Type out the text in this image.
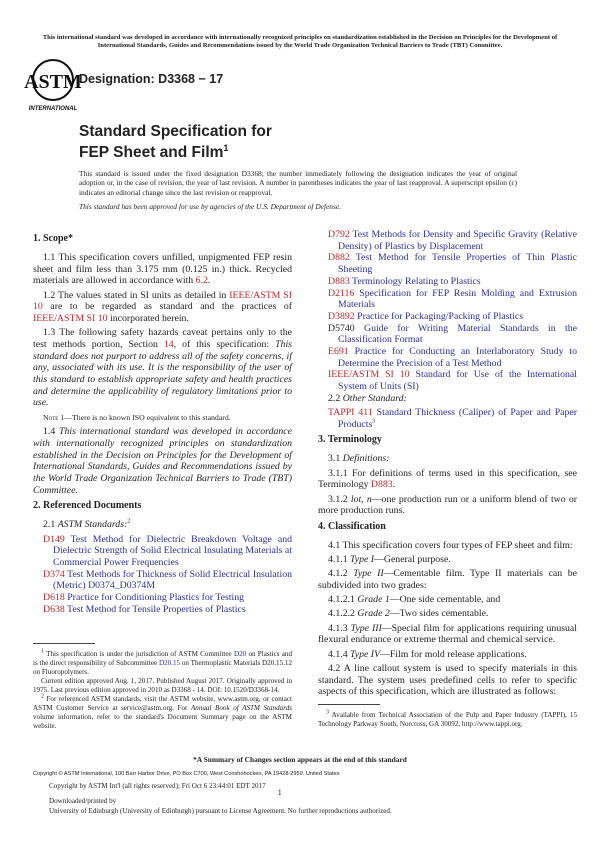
This international standard was developed in accordance with internationally recognized principles on standardization established in the Decision on Principles for the Development of International Standards, Guides and Recommendations issued by the World Trade Organization Technical Barriers to Trade (TBT) Committee.
ASTM
INTERNATIONAL
Designation: D3368 − 17
Standard Specification for
FEP Sheet and Film$^1$

This standard is issued under the fixed designation D3368; the number immediately following the designation indicates the year of original adoption or, in the case of revision, the year of last revision. A number in parentheses indicates the year of last reapproval. A superscript epsilon (ε) indicates an editorial change since the last revision or reapproval.

This standard has been approved for use by agencies of the U.S. Department of Defense.

1. Scope*

1.1 This specification covers unfilled, unpigmented FEP resin sheet and film less than 3.175 mm (0.125 in.) thick. Recycled materials are allowed in accordance with 6.2.

1.2 The values stated in SI units as detailed in IEEE/ASTM SI 10 are to be regarded as standard and the practices of IEEE/ASTM SI 10 incorporated herein.

1.3 The following safety hazards caveat pertains only to the test methods portion, Section 14, of this specification: This standard does not purport to address all of the safety concerns, if any, associated with its use. It is the responsibility of the user of this standard to establish appropriate safety and health practices and determine the applicability of regulatory limitations prior to use.

Note 1—There is no known ISO equivalent to this standard.

1.4 This international standard was developed in accordance with internationally recognized principles on standardization established in the Decision on Principles for the Development of International Standards, Guides and Recommendations issued by the World Trade Organization Technical Barriers to Trade (TBT) Committee.

2. Referenced Documents

2.1 ASTM Standards:$^2$

D149 Test Method for Dielectric Breakdown Voltage and Dielectric Strength of Solid Electrical Insulating Materials at Commercial Power Frequencies

D374 Test Methods for Thickness of Solid Electrical Insulation (Metric) D0374_D0374M

D618 Practice for Conditioning Plastics for Testing

D638 Test Method for Tensile Properties of Plastics

$^1$ This specification is under the jurisdiction of ASTM Committee D20 on Plastics and is the direct responsibility of Subcommittee D20.15 on Thermoplastic Materials D20.15.12 on Fluoropolymers.

Current edition approved Aug. 1, 2017. Published August 2017. Originally approved in 1975. Last previous edition approved in 2010 as D3368 - 14. DOI: 10.1520/D3368-14.

$^2$ For referenced ASTM standards, visit the ASTM website, www.astm.org, or contact ASTM Customer Service at service@astm.org. For Annual Book of ASTM Standards volume information, refer to the standard's Document Summary page on the ASTM website.

D792 Test Methods for Density and Specific Gravity (Relative Density) of Plastics by Displacement

D882 Test Method for Tensile Properties of Thin Plastic Sheeting

D883 Terminology Relating to Plastics

D2116 Specification for FEP Resin Molding and Extrusion Materials

D3892 Practice for Packaging/Packing of Plastics

D5740 Guide for Writing Material Standards in the Classification Format

E691 Practice for Conducting an Interlaboratory Study to Determine the Precision of a Test Method

IEEE/ASTM SI 10 Standard for Use of the International System of Units (SI)

2.2 Other Standard:

TAPPI 411 Standard Thickness (Caliper) of Paper and Paper Products$^3$

3. Terminology

3.1 Definitions:

3.1.1 For definitions of terms used in this specification, see Terminology D883.

3.1.2 lot, n—one production run or a uniform blend of two or more production runs.

4. Classification

4.1 This specification covers four types of FEP sheet and film:

4.1.1 Type I—General purpose.

4.1.2 Type II—Cementable film. Type II materials can be subdivided into two grades:

4.1.2.1 Grade 1—One side cementable, and

4.1.2.2 Grade 2—Two sides cementable.

4.1.3 Type III—Special film for applications requiring unusual flexural endurance or extreme thermal and chemical service.

4.1.4 Type IV—Film for mold release applications.

4.2 A line callout system is used to specify materials in this standard. The system uses predefined cells to refer to specific aspects of this specification, which are illustrated as follows:

$^3$ Available from Technical Association of the Pulp and Paper Industry (TAPPI), 15 Technology Parkway South, Norcross, GA 30092, http://www.tappi.org.

*A Summary of Changes section appears at the end of this standard
Copyright © ASTM International, 100 Barr Harbor Drive, PO Box C700, West Conshohocken, PA 19428-2959. United States
Copyright by ASTM Int'l (all rights reserved); Fri Oct 6 23:44:01 EDT 2017
1
Downloaded/printed by
University of Edinburgh (University of Edinburgh) pursuant to License Agreement. No further reproductions authorized.
